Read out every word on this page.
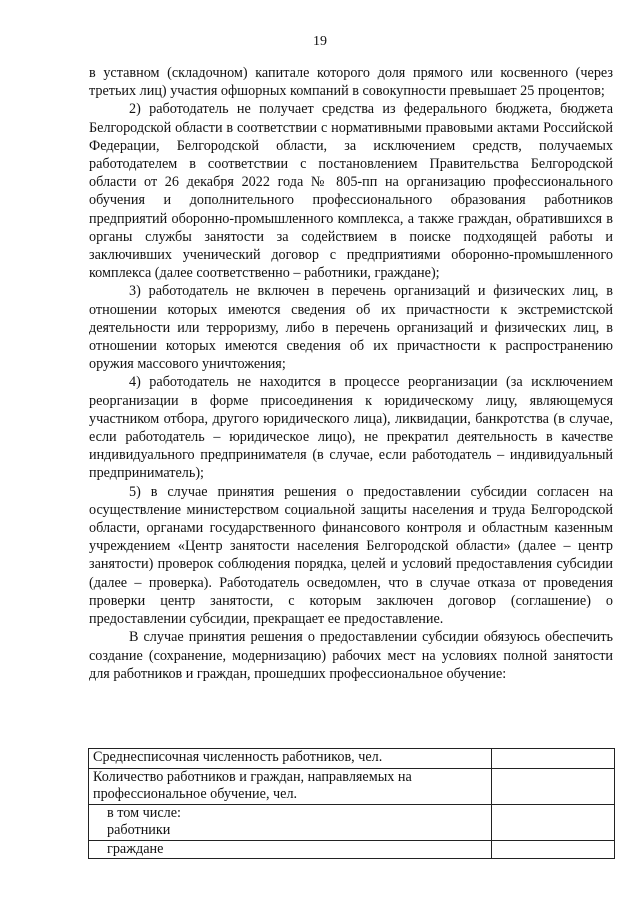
19

в уставном (складочном) капитале которого доля прямого или косвенного (через третьих лиц) участия офшорных компаний в совокупности превышает 25 процентов;

2) работодатель не получает средства из федерального бюджета, бюджета Белгородской области в соответствии с нормативными правовыми актами Российской Федерации, Белгородской области, за исключением средств, получаемых работодателем в соответствии с постановлением Правительства Белгородской области от 26 декабря 2022 года № 805-пп на организацию профессионального обучения и дополнительного профессионального образования работников предприятий оборонно-промышленного комплекса, а также граждан, обратившихся в органы службы занятости за содействием в поиске подходящей работы и заключивших ученический договор с предприятиями оборонно-промышленного комплекса (далее соответственно – работники, граждане);

3) работодатель не включен в перечень организаций и физических лиц, в отношении которых имеются сведения об их причастности к экстремистской деятельности или терроризму, либо в перечень организаций и физических лиц, в отношении которых имеются сведения об их причастности к распространению оружия массового уничтожения;

4) работодатель не находится в процессе реорганизации (за исключением реорганизации в форме присоединения к юридическому лицу, являющемуся участником отбора, другого юридического лица), ликвидации, банкротства (в случае, если работодатель – юридическое лицо), не прекратил деятельность в качестве индивидуального предпринимателя (в случае, если работодатель – индивидуальный предприниматель);

5) в случае принятия решения о предоставлении субсидии согласен на осуществление министерством социальной защиты населения и труда Белгородской области, органами государственного финансового контроля и областным казенным учреждением «Центр занятости населения Белгородской области» (далее – центр занятости) проверок соблюдения порядка, целей и условий предоставления субсидии (далее – проверка). Работодатель осведомлен, что в случае отказа от проведения проверки центр занятости, с которым заключен договор (соглашение) о предоставлении субсидии, прекращает ее предоставление.

В случае принятия решения о предоставлении субсидии обязуюсь обеспечить создание (сохранение, модернизацию) рабочих мест на условиях полной занятости для работников и граждан, прошедших профессиональное обучение:

Среднесписочная численность работников, чел.	
Количество работников и граждан, направляемых на профессиональное обучение, чел.	

в том числе:
работники	

граждане	
